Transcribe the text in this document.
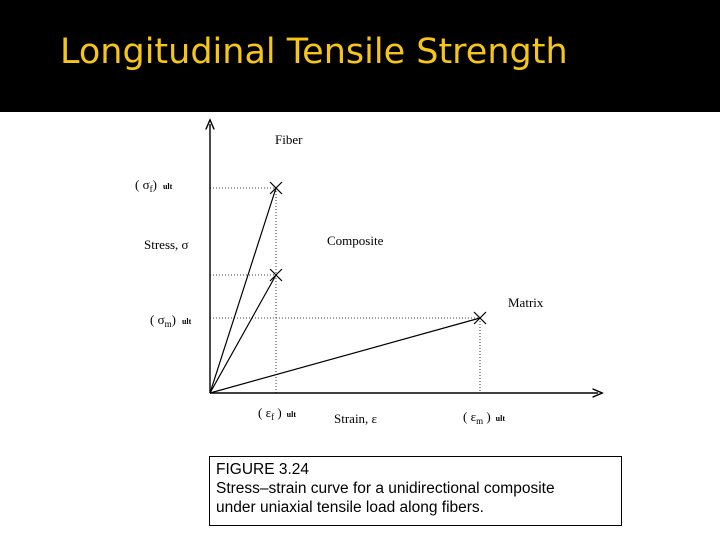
Longitudinal Tensile Strength
Fiber
Composite
Matrix
Stress, σ
Strain, ε
( $\sigma_f$) ult
( $\sigma_m$) ult
( $\varepsilon_f$ ) ult	( $\varepsilon_m$ ) ult
FIGURE 3.24
Stress–strain curve for a unidirectional composite
under uniaxial tensile load along fibers.
